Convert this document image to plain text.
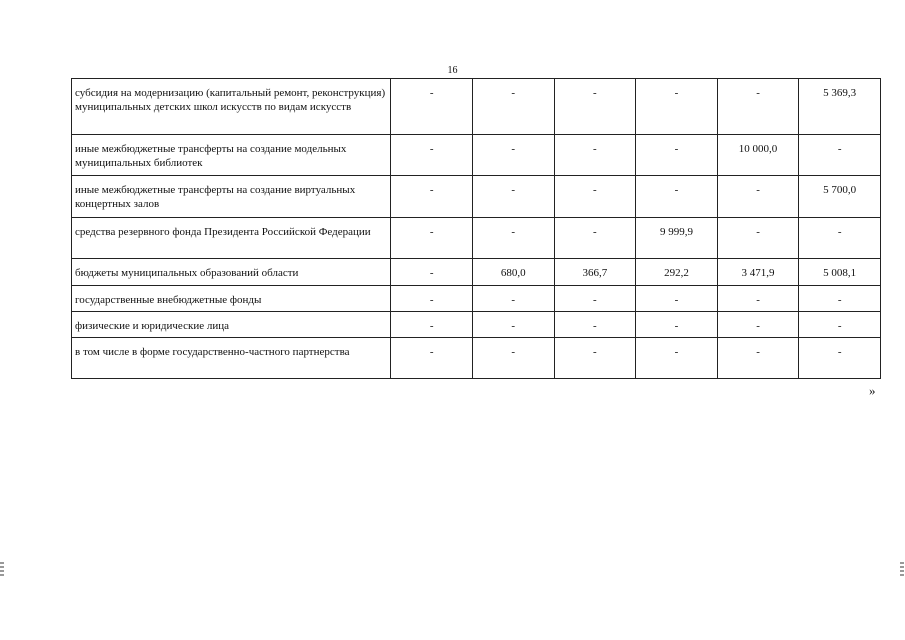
16
субсидия на модернизацию (капитальный ремонт, реконструкция) муниципальных детских школ искусств по видам искусств	-	-	-	-	-	5 369,3
иные межбюджетные трансферты на создание модельных муниципальных библиотек	-	-	-	-	10 000,0	-
иные межбюджетные трансферты на создание виртуальных концертных залов	-	-	-	-	-	5 700,0
средства резервного фонда Президента Российской Федерации	-	-	-	9 999,9	-	-
бюджеты муниципальных образований области	-	680,0	366,7	292,2	3 471,9	5 008,1
государственные внебюджетные фонды	-	-	-	-	-	-
физические и юридические лица	-	-	-	-	-	-
в том числе в форме государственно-частного партнерства	-	-	-	-	-	-
»
